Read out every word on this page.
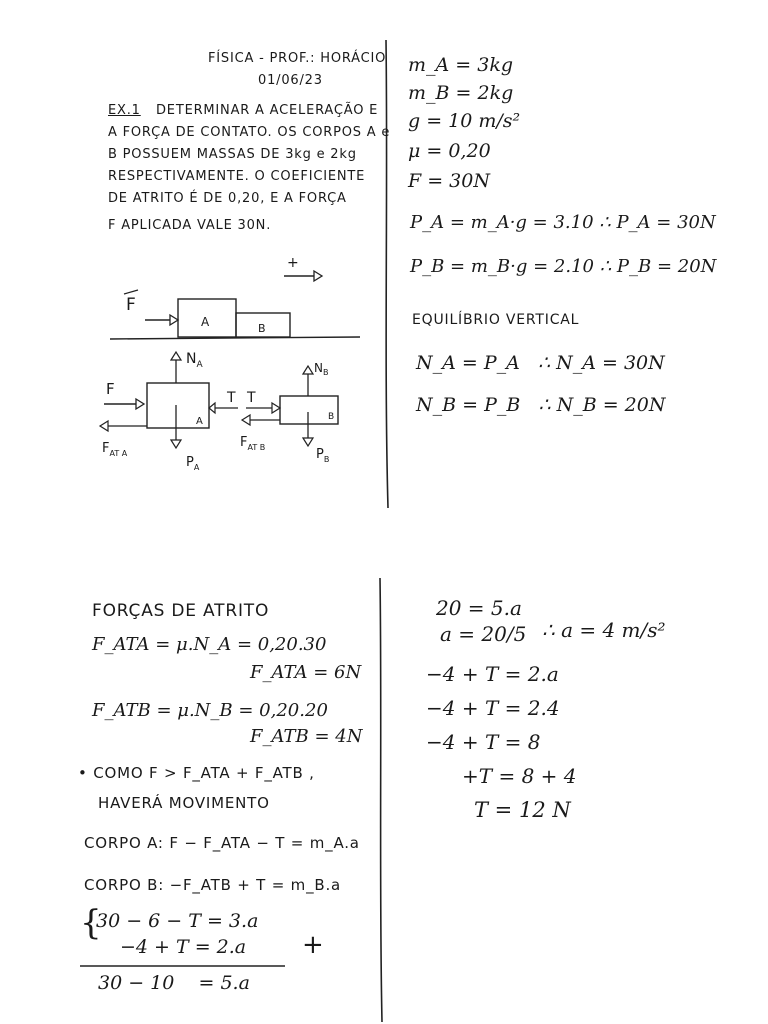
FÍSICA - PROF.: HORÁCIO
01/06/23
EX.1 DETERMINAR A ACELERAÇÃO E
A FORÇA DE CONTATO. OS CORPOS A e
B POSSUEM MASSAS DE 3kg e 2kg
RESPECTIVAMENTE. O COEFICIENTE
DE ATRITO É DE 0,20, E A FORÇA
F APLICADA VALE 30N.
+
F
A	B
F
A
$N_A$
$P_A$
$F_{AT A}$
T T
B
$N_B$
$P_B$
$F_{AT B}$
m_A = 3kg
m_B = 2kg
g = 10 m/s²
μ = 0,20
F = 30N
P_A = m_A·g = 3.10 ∴ P_A = 30N
P_B = m_B·g = 2.10 ∴ P_B = 20N
EQUILÍBRIO VERTICAL
N_A = P_A   ∴ N_A = 30N
N_B = P_B   ∴ N_B = 20N
FORÇAS DE ATRITO
F_ATA = μ.N_A = 0,20.30
F_ATA = 6N
F_ATB = μ.N_B = 0,20.20
F_ATB = 4N
• COMO F > F_ATA + F_ATB ,
HAVERÁ MOVIMENTO
CORPO A: F − F_ATA − T = m_A.a
CORPO B: −F_ATB + T = m_B.a
{
30 − 6 − T = 3.a
−4 + T = 2.a +
30 − 10    = 5.a
20 = 5.a
a = 20/5 ∴ a = 4 m/s²
−4 + T = 2.a
−4 + T = 2.4
−4 + T = 8
+T = 8 + 4
T = 12 N
